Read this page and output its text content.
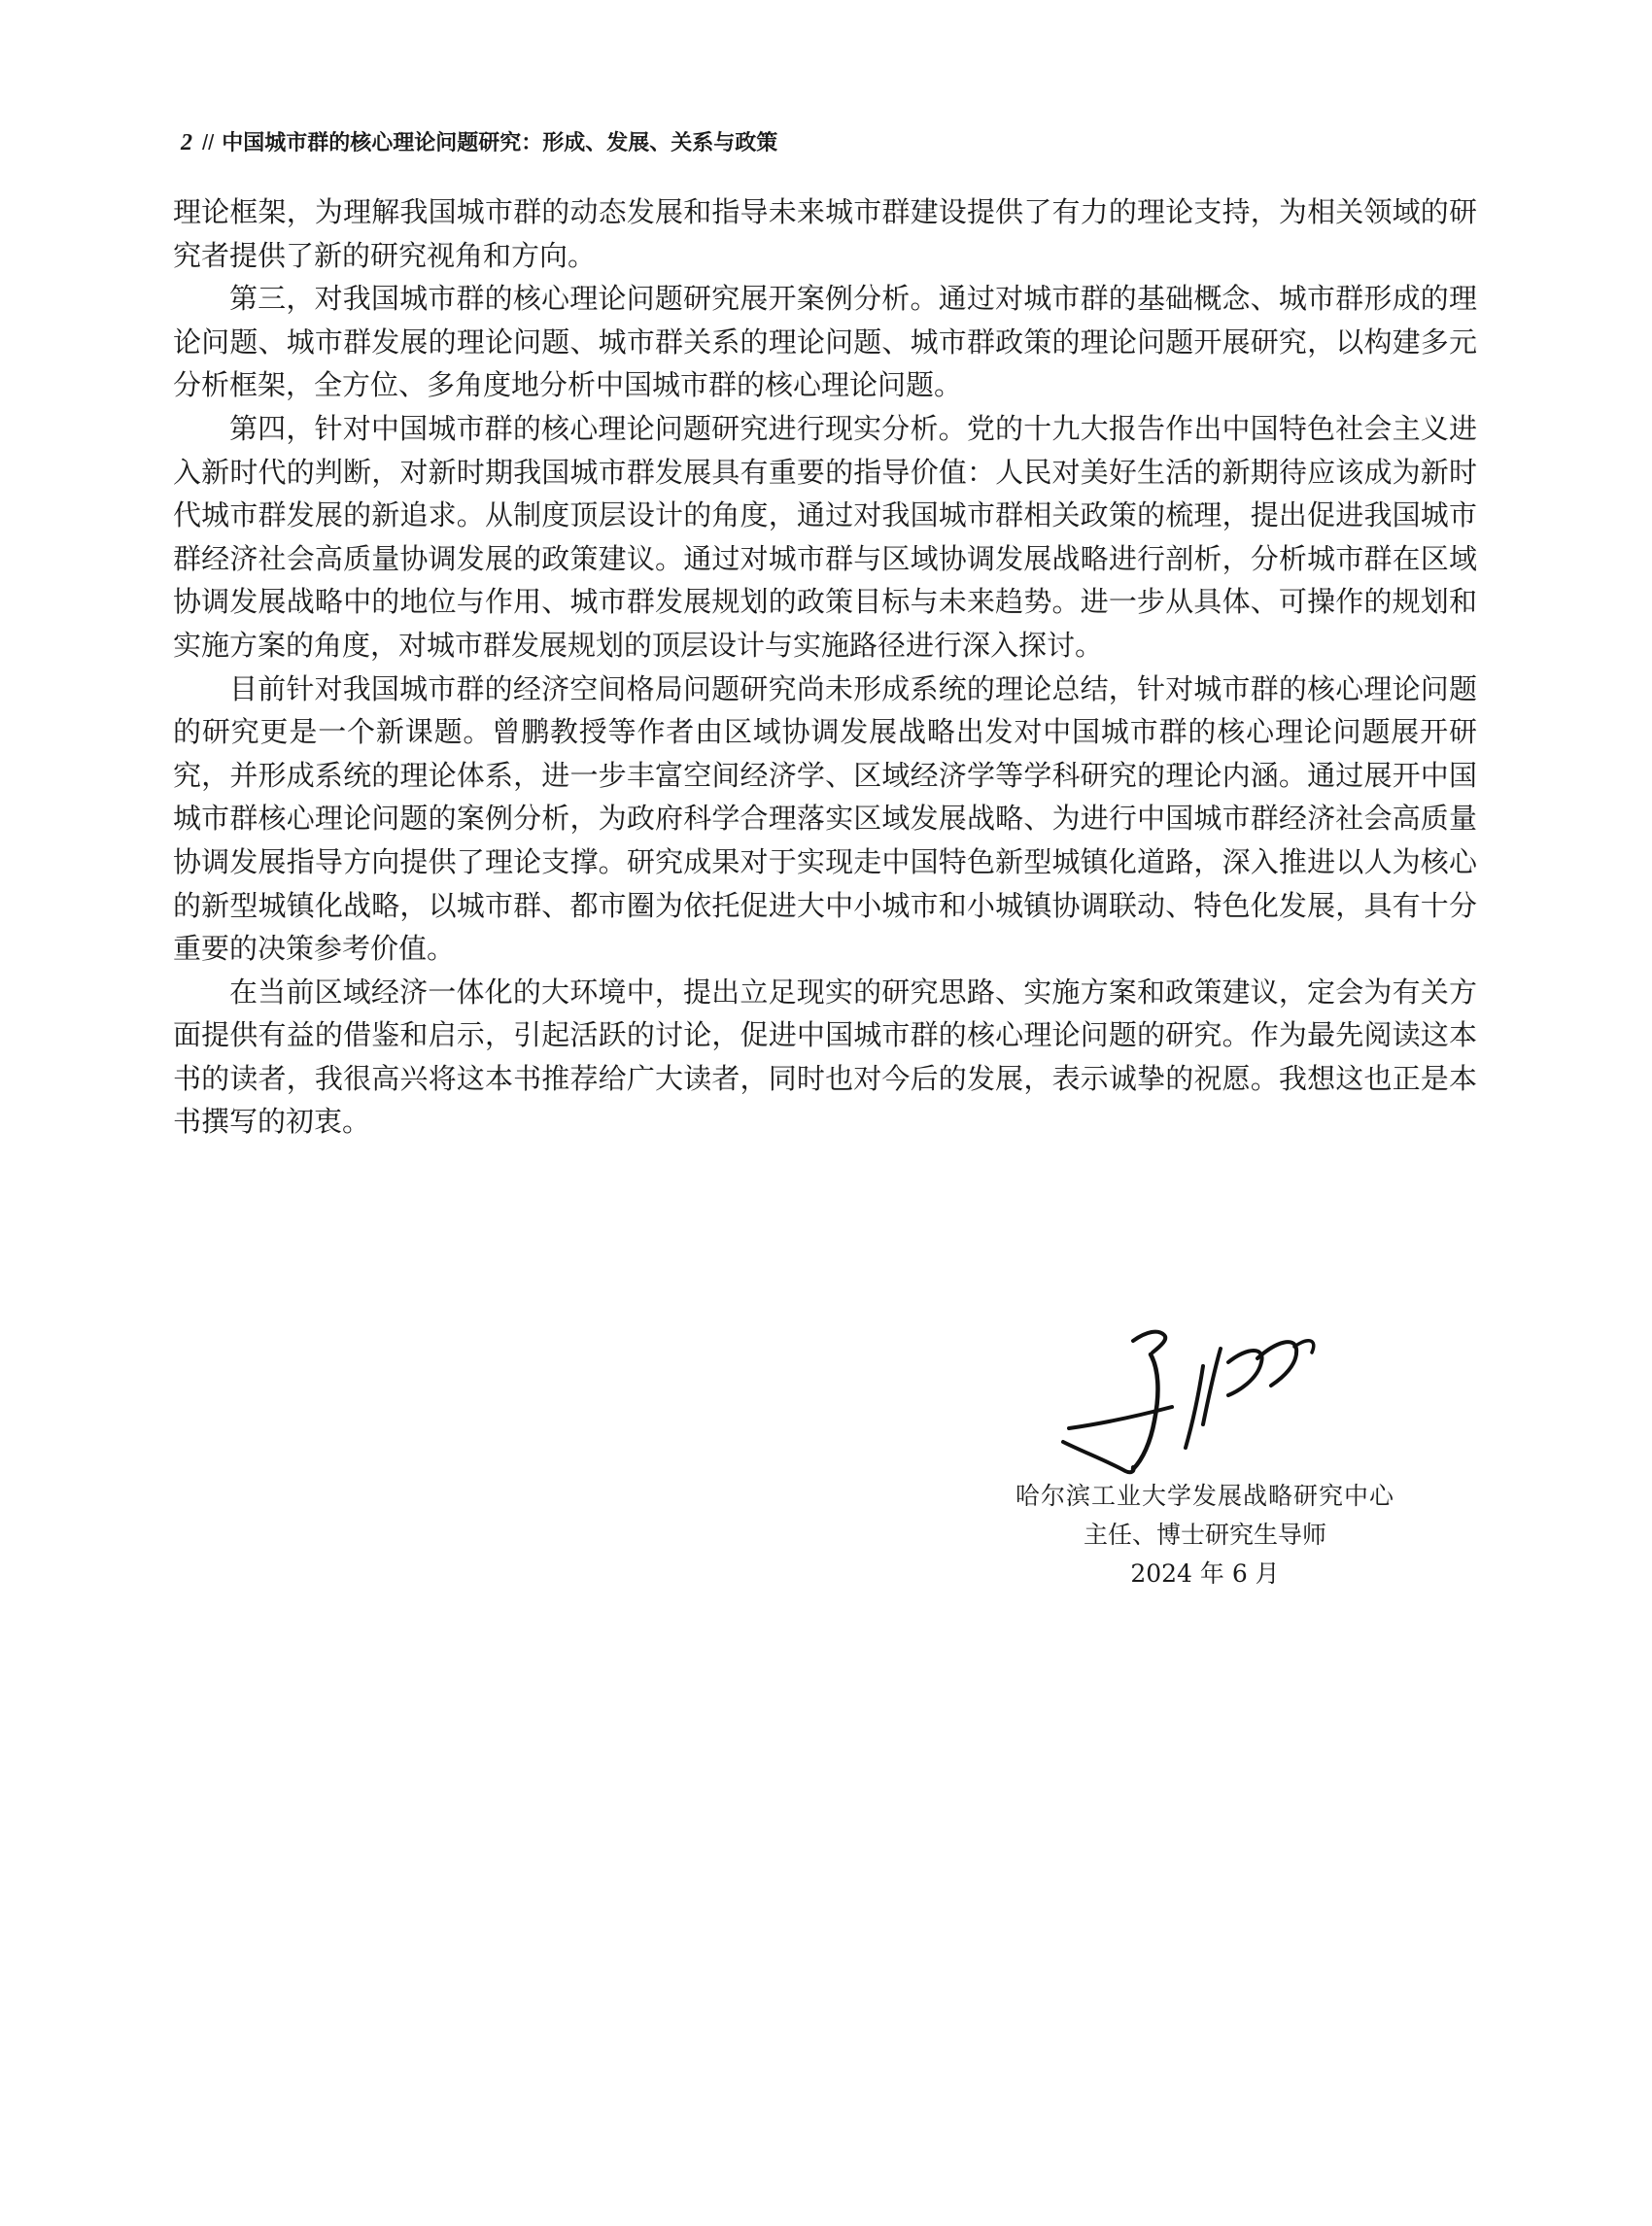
2 // 中国城市群的核心理论问题研究：形成、发展、关系与政策

理论框架，为理解我国城市群的动态发展和指导未来城市群建设提供了有力的理论支持，为相关领域的研究者提供了新的研究视角和方向。

第三，对我国城市群的核心理论问题研究展开案例分析。通过对城市群的基础概念、城市群形成的理论问题、城市群发展的理论问题、城市群关系的理论问题、城市群政策的理论问题开展研究，以构建多元分析框架，全方位、多角度地分析中国城市群的核心理论问题。

第四，针对中国城市群的核心理论问题研究进行现实分析。党的十九大报告作出中国特色社会主义进入新时代的判断，对新时期我国城市群发展具有重要的指导价值：人民对美好生活的新期待应该成为新时代城市群发展的新追求。从制度顶层设计的角度，通过对我国城市群相关政策的梳理，提出促进我国城市群经济社会高质量协调发展的政策建议。通过对城市群与区域协调发展战略进行剖析，分析城市群在区域协调发展战略中的地位与作用、城市群发展规划的政策目标与未来趋势。进一步从具体、可操作的规划和实施方案的角度，对城市群发展规划的顶层设计与实施路径进行深入探讨。

目前针对我国城市群的经济空间格局问题研究尚未形成系统的理论总结，针对城市群的核心理论问题的研究更是一个新课题。曾鹏教授等作者由区域协调发展战略出发对中国城市群的核心理论问题展开研究，并形成系统的理论体系，进一步丰富空间经济学、区域经济学等学科研究的理论内涵。通过展开中国城市群核心理论问题的案例分析，为政府科学合理落实区域发展战略、为进行中国城市群经济社会高质量协调发展指导方向提供了理论支撑。研究成果对于实现走中国特色新型城镇化道路，深入推进以人为核心的新型城镇化战略，以城市群、都市圈为依托促进大中小城市和小城镇协调联动、特色化发展，具有十分重要的决策参考价值。

在当前区域经济一体化的大环境中，提出立足现实的研究思路、实施方案和政策建议，定会为有关方面提供有益的借鉴和启示，引起活跃的讨论，促进中国城市群的核心理论问题的研究。作为最先阅读这本书的读者，我很高兴将这本书推荐给广大读者，同时也对今后的发展，表示诚挚的祝愿。我想这也正是本书撰写的初衷。

哈尔滨工业大学发展战略研究中心
主任、博士研究生导师
2024 年 6 月
